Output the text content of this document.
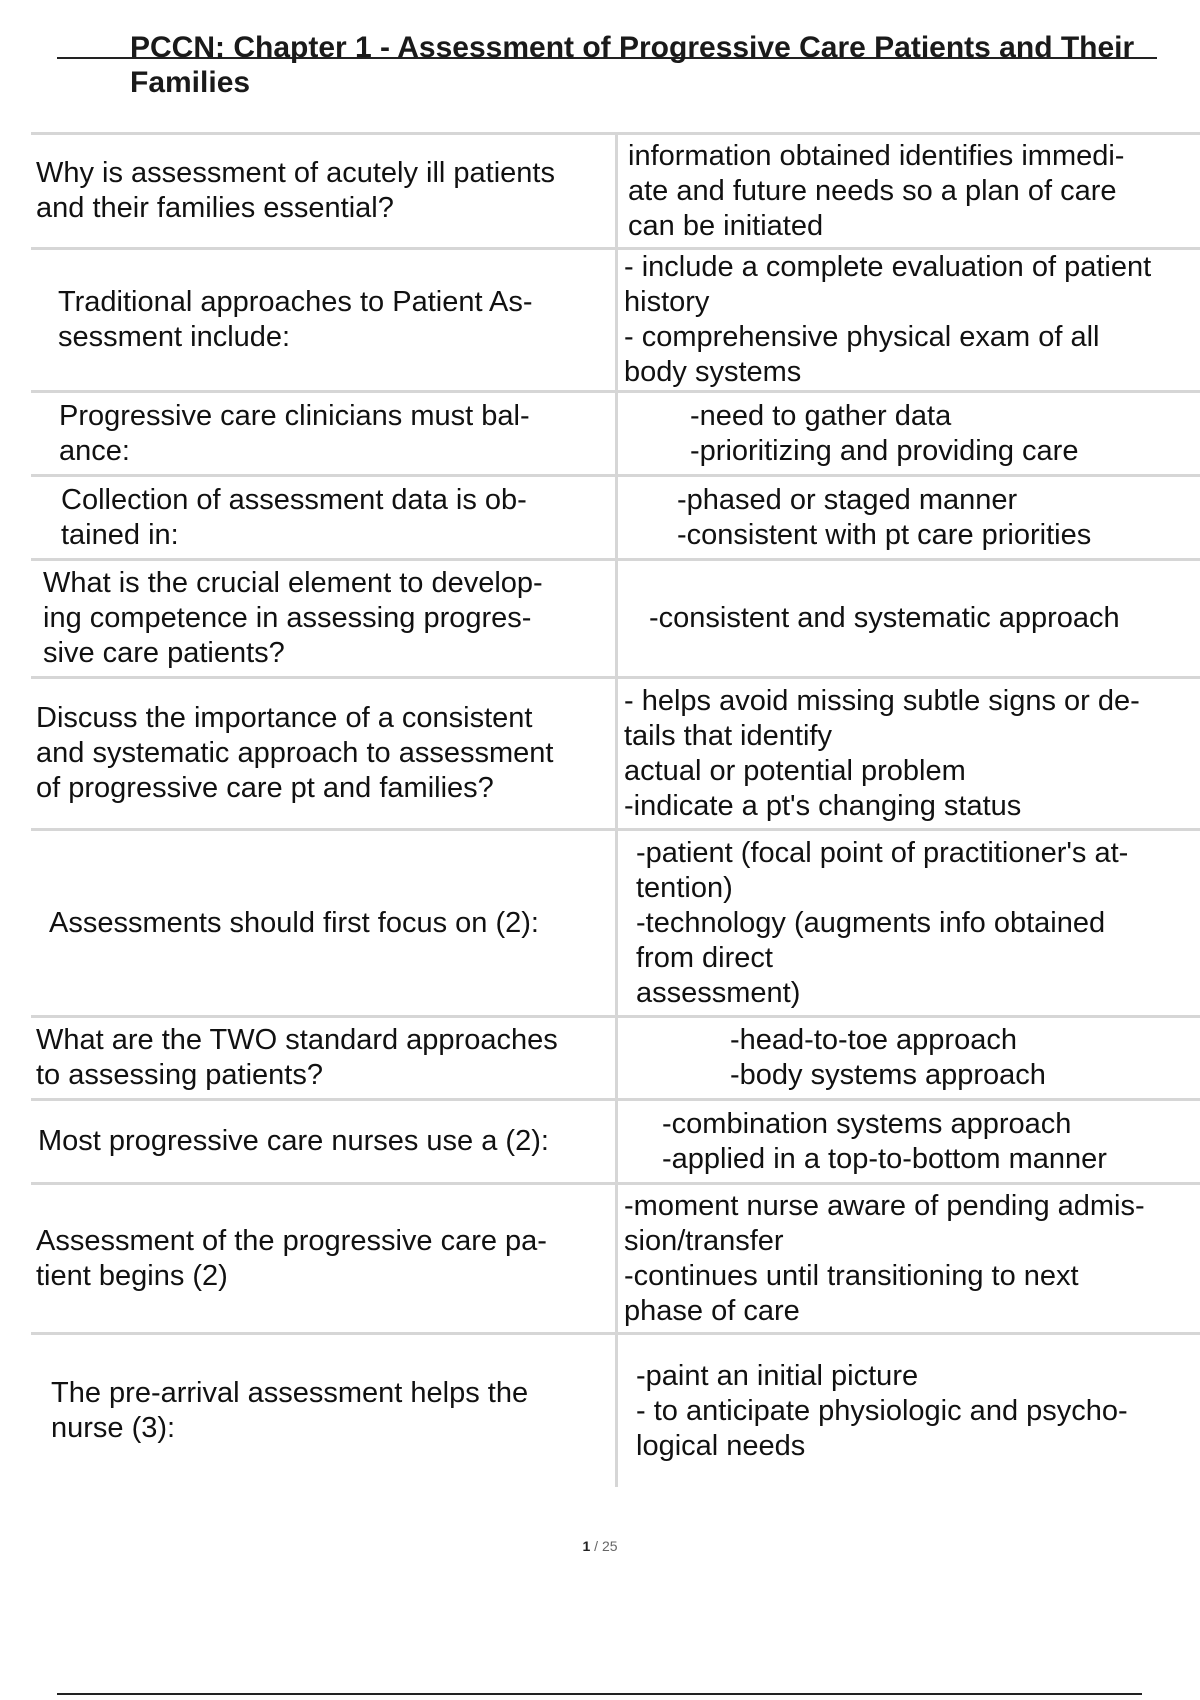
PCCN: Chapter 1 - Assessment of Progressive Care Patients and Their
Families
Why is assessment of acutely ill patients
and their families essential?
information obtained identifies immedi-
ate and future needs so a plan of care
can be initiated
Traditional approaches to Patient As-
sessment include:
- include a complete evaluation of patient
history
- comprehensive physical exam of all
body systems
Progressive care clinicians must bal-
ance:
-need to gather data
-prioritizing and providing care
Collection of assessment data is ob-
tained in:
-phased or staged manner
-consistent with pt care priorities
What is the crucial element to develop-
ing competence in assessing progres-
sive care patients?
-consistent and systematic approach
Discuss the importance of a consistent
and systematic approach to assessment
of progressive care pt and families?
- helps avoid missing subtle signs or de-
tails that identify
actual or potential problem
-indicate a pt's changing status
Assessments should first focus on (2):
-patient (focal point of practitioner's at-
tention)
-technology (augments info obtained
from direct
assessment)
What are the TWO standard approaches
to assessing patients?
-head-to-toe approach
-body systems approach
Most progressive care nurses use a (2):
-combination systems approach
-applied in a top-to-bottom manner
Assessment of the progressive care pa-
tient begins (2)
-moment nurse aware of pending admis-
sion/transfer
-continues until transitioning to next
phase of care
The pre-arrival assessment helps the
nurse (3):
-paint an initial picture
- to anticipate physiologic and psycho-
logical needs
1 / 25
